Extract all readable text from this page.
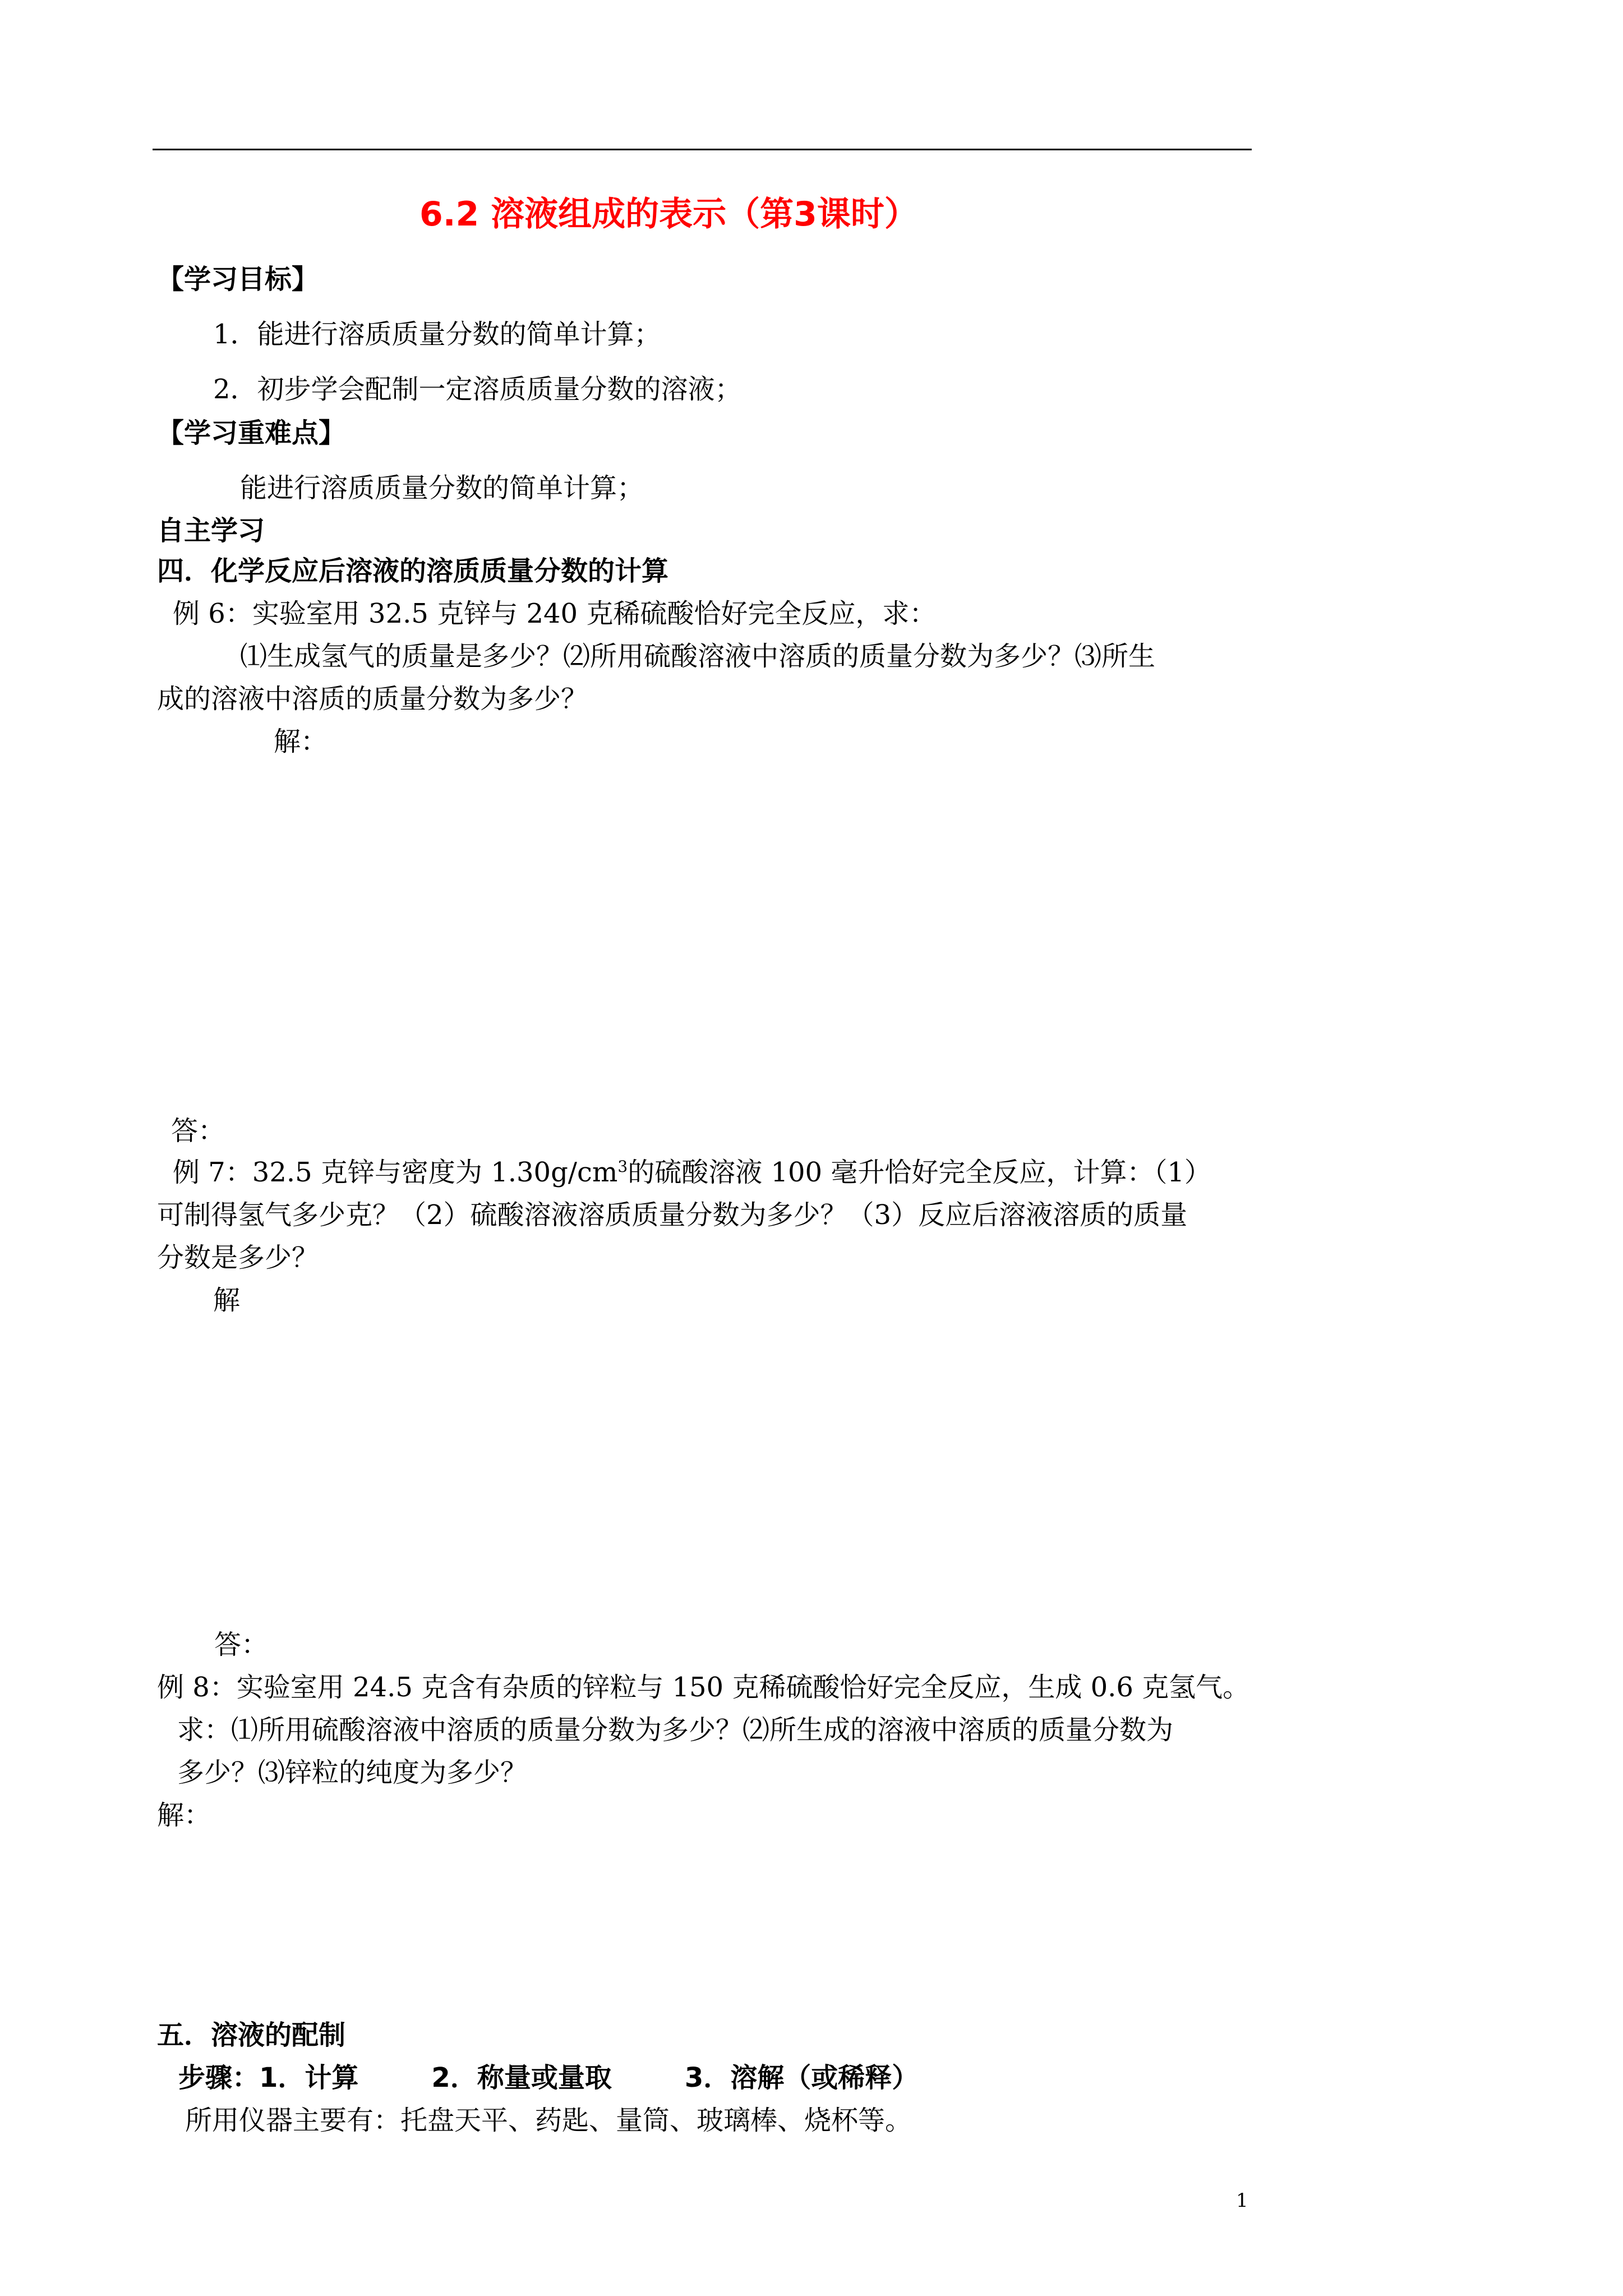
6.2 溶液组成的表示（第3课时）
【学习目标】
1．能进行溶质质量分数的简单计算；
2．初步学会配制一定溶质质量分数的溶液；
【学习重难点】
能进行溶质质量分数的简单计算；
自主学习
四．化学反应后溶液的溶质质量分数的计算
例 6：实验室用 32.5 克锌与 240 克稀硫酸恰好完全反应，求：
⑴生成氢气的质量是多少？⑵所用硫酸溶液中溶质的质量分数为多少？⑶所生
成的溶液中溶质的质量分数为多少？
解：
答：
例 7：32.5 克锌与密度为 $1.30g/cm^3$的硫酸溶液 100 毫升恰好完全反应，计算：（1）
可制得氢气多少克？（2）硫酸溶液溶质质量分数为多少？（3）反应后溶液溶质的质量
分数是多少？
解
答：
例 8：实验室用 24.5 克含有杂质的锌粒与 150 克稀硫酸恰好完全反应，生成 0.6 克氢气。
求：⑴所用硫酸溶液中溶质的质量分数为多少？⑵所生成的溶液中溶质的质量分数为
多少？⑶锌粒的纯度为多少？
解：
五．溶液的配制
步骤：1．计算	2．称量或量取	3．溶解（或稀释）
所用仪器主要有：托盘天平、药匙、量筒、玻璃棒、烧杯等。
1
